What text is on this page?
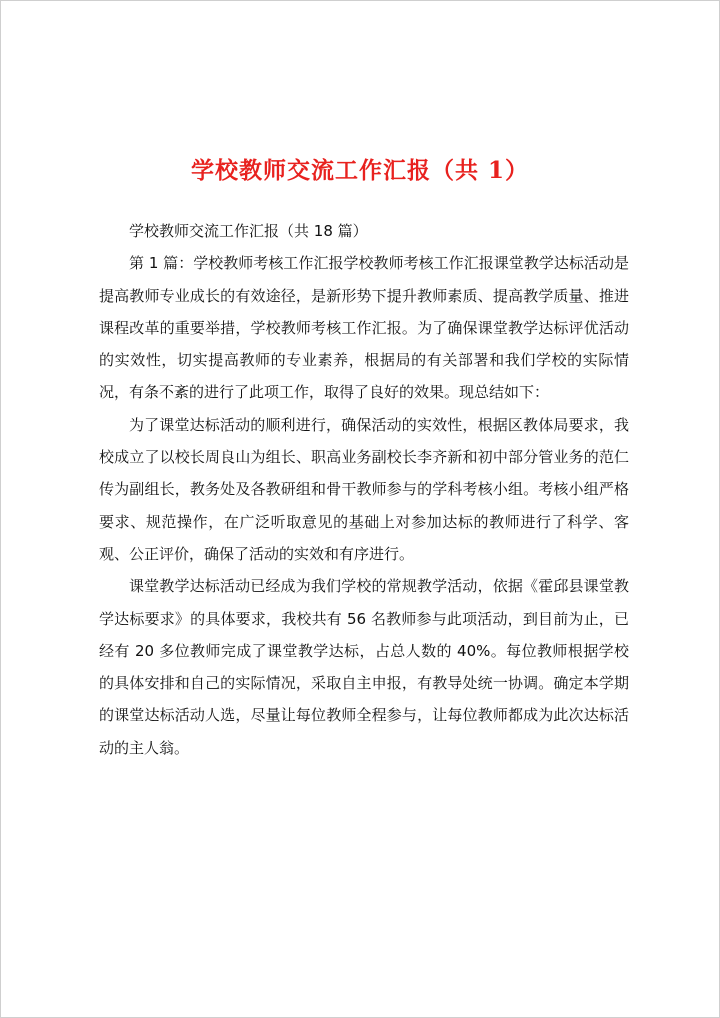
学校教师交流工作汇报（共 1）

学校教师交流工作汇报（共 18 篇）

第 1 篇：学校教师考核工作汇报学校教师考核工作汇报课堂教学达标活动是提高教师专业成长的有效途径，是新形势下提升教师素质、提高教学质量、推进课程改革的重要举措，学校教师考核工作汇报。为了确保课堂教学达标评优活动的实效性，切实提高教师的专业素养，根据局的有关部署和我们学校的实际情况，有条不紊的进行了此项工作，取得了良好的效果。现总结如下：

为了课堂达标活动的顺利进行，确保活动的实效性，根据区教体局要求，我校成立了以校长周良山为组长、职高业务副校长李齐新和初中部分管业务的范仁传为副组长，教务处及各教研组和骨干教师参与的学科考核小组。考核小组严格要求、规范操作，在广泛听取意见的基础上对参加达标的教师进行了科学、客观、公正评价，确保了活动的实效和有序进行。

课堂教学达标活动已经成为我们学校的常规教学活动，依据《霍邱县课堂教学达标要求》的具体要求，我校共有 56 名教师参与此项活动，到目前为止，已经有 20 多位教师完成了课堂教学达标，占总人数的 40%。每位教师根据学校的具体安排和自己的实际情况，采取自主申报，有教导处统一协调。确定本学期的课堂达标活动人选，尽量让每位教师全程参与，让每位教师都成为此次达标活动的主人翁。
